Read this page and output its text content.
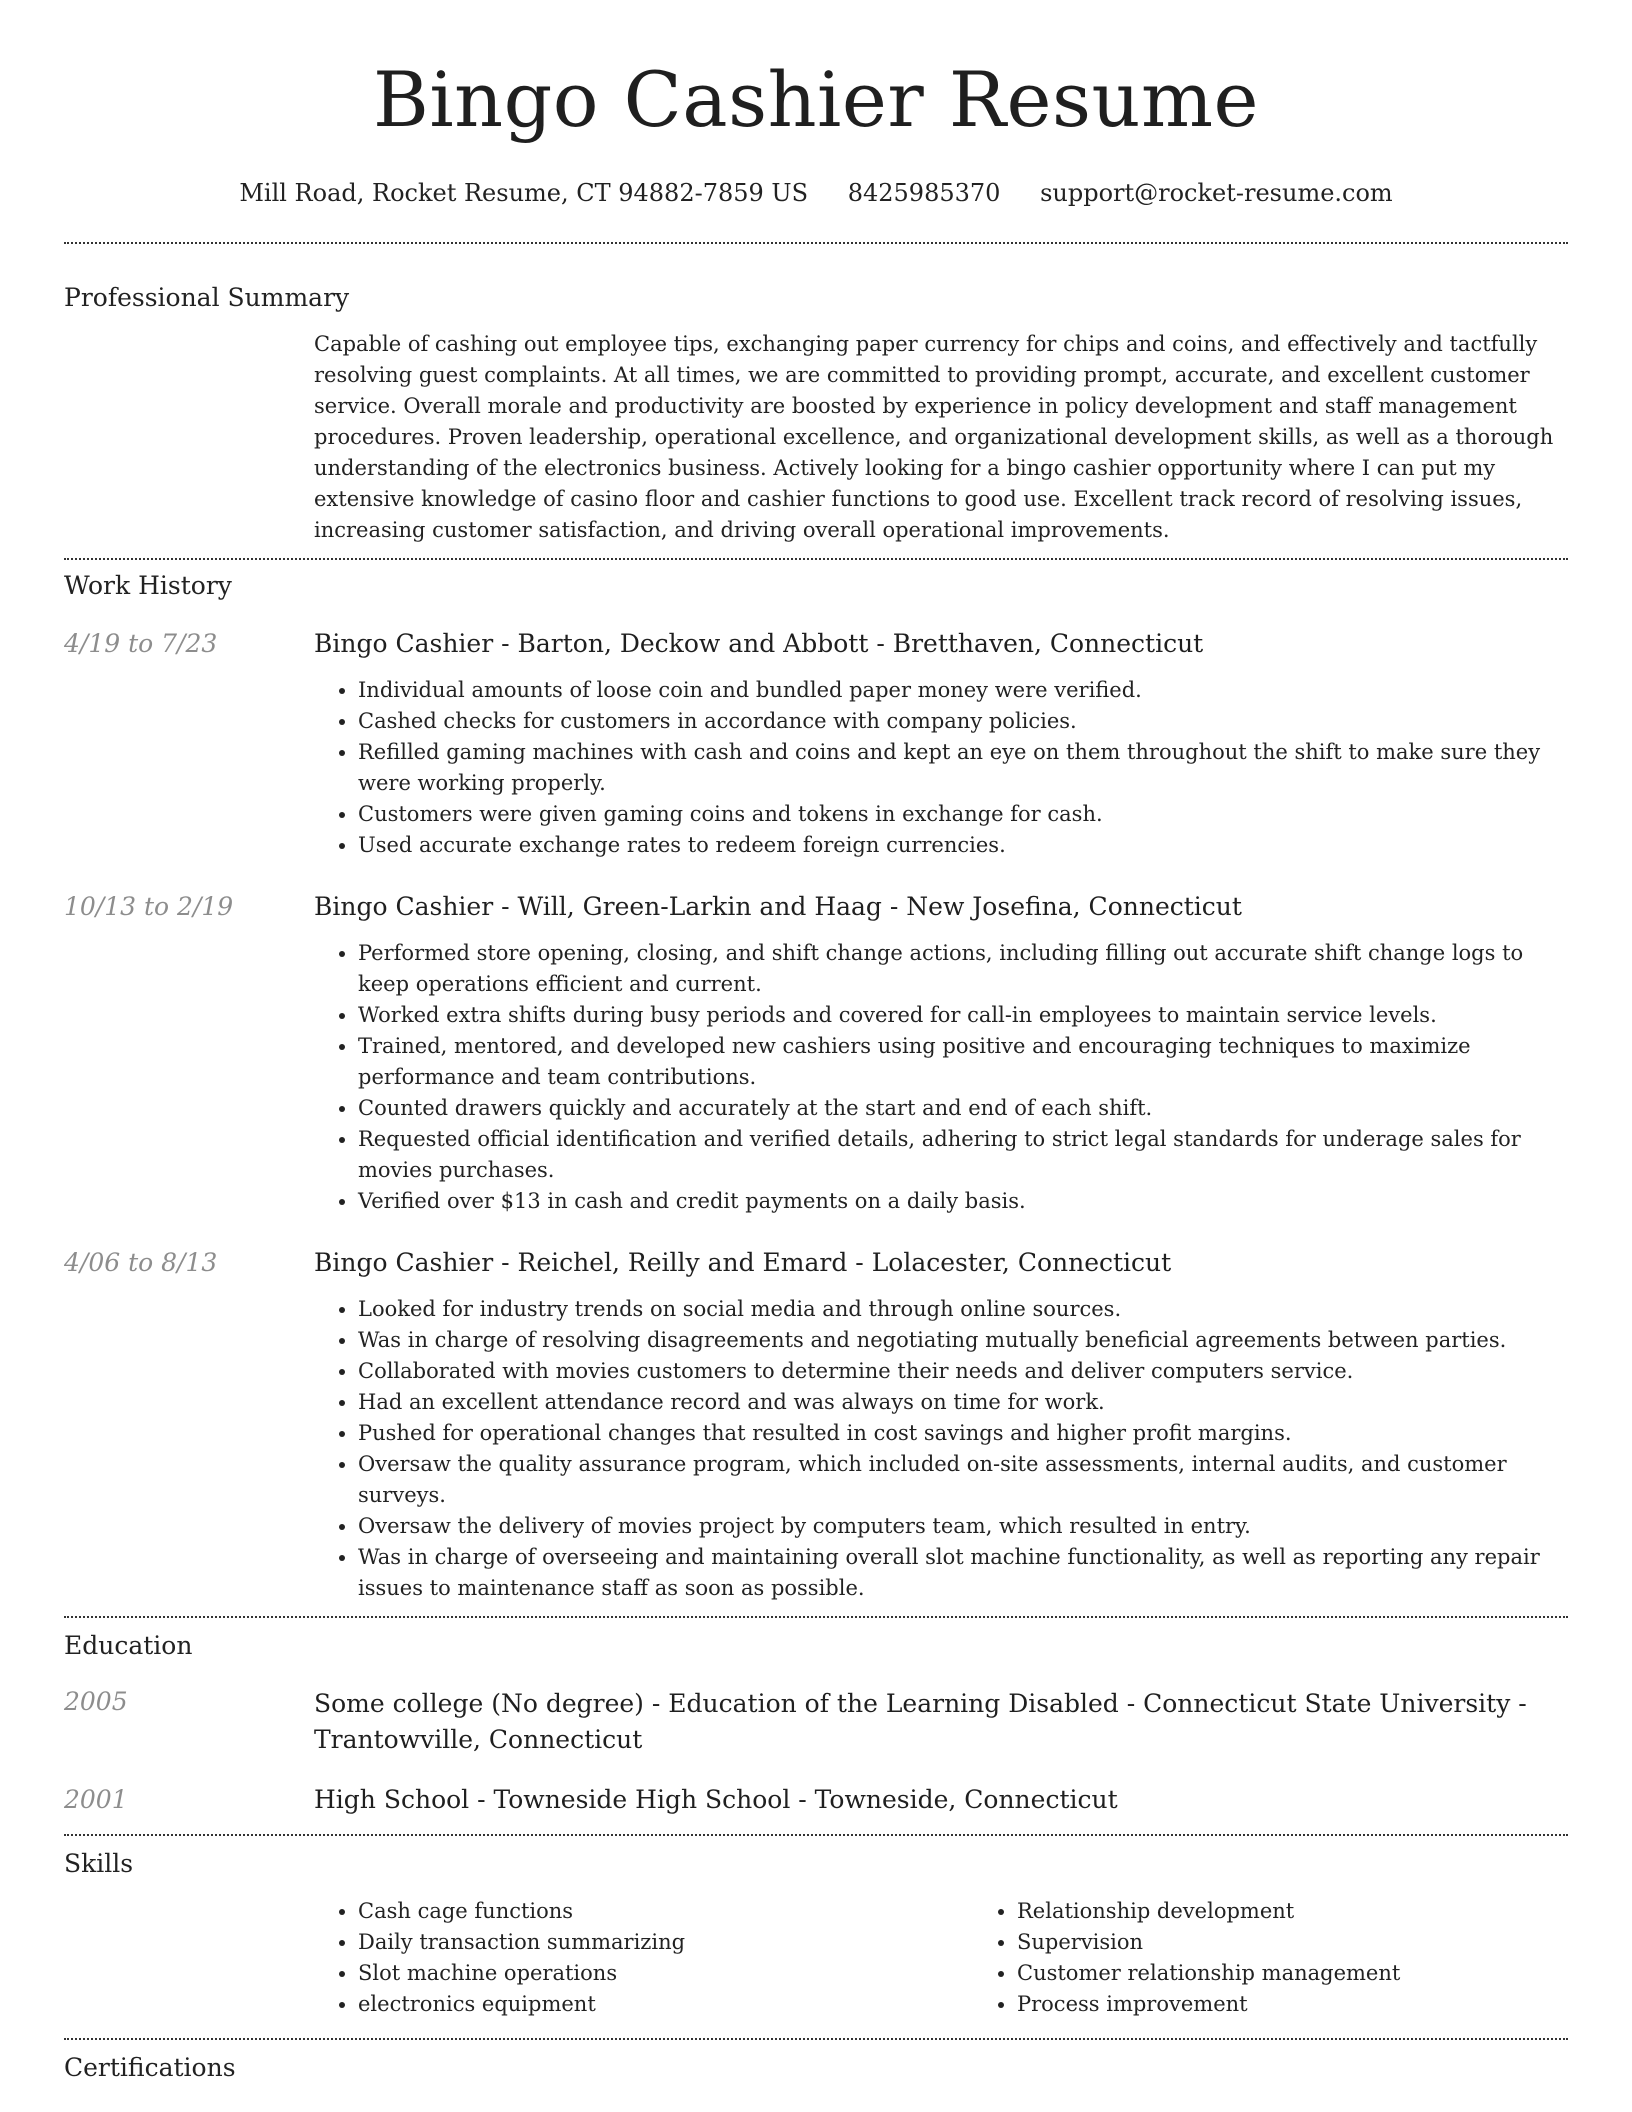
Bingo Cashier Resume
Mill Road, Rocket Resume, CT 94882-7859 US 8425985370 support@rocket-resume.com
Professional Summary

Capable of cashing out employee tips, exchanging paper currency for chips and coins, and effectively and tactfully resolving guest complaints. At all times, we are committed to providing prompt, accurate, and excellent customer service. Overall morale and productivity are boosted by experience in policy development and staff management procedures. Proven leadership, operational excellence, and organizational development skills, as well as a thorough understanding of the electronics business. Actively looking for a bingo cashier opportunity where I can put my extensive knowledge of casino floor and cashier functions to good use. Excellent track record of resolving issues, increasing customer satisfaction, and driving overall operational improvements.

Work History
4/19 to 7/23	Bingo Cashier - Barton, Deckow and Abbott - Bretthaven, Connecticut
• Individual amounts of loose coin and bundled paper money were verified.
• Cashed checks for customers in accordance with company policies.
• Refilled gaming machines with cash and coins and kept an eye on them throughout the shift to make sure they were working properly.
• Customers were given gaming coins and tokens in exchange for cash.
• Used accurate exchange rates to redeem foreign currencies.
10/13 to 2/19	Bingo Cashier - Will, Green-Larkin and Haag - New Josefina, Connecticut
• Performed store opening, closing, and shift change actions, including filling out accurate shift change logs to keep operations efficient and current.
• Worked extra shifts during busy periods and covered for call-in employees to maintain service levels.
• Trained, mentored, and developed new cashiers using positive and encouraging techniques to maximize performance and team contributions.
• Counted drawers quickly and accurately at the start and end of each shift.
• Requested official identification and verified details, adhering to strict legal standards for underage sales for movies purchases.
• Verified over $13 in cash and credit payments on a daily basis.
4/06 to 8/13	Bingo Cashier - Reichel, Reilly and Emard - Lolacester, Connecticut
• Looked for industry trends on social media and through online sources.
• Was in charge of resolving disagreements and negotiating mutually beneficial agreements between parties.
• Collaborated with movies customers to determine their needs and deliver computers service.
• Had an excellent attendance record and was always on time for work.
• Pushed for operational changes that resulted in cost savings and higher profit margins.
• Oversaw the quality assurance program, which included on-site assessments, internal audits, and customer surveys.
• Oversaw the delivery of movies project by computers team, which resulted in entry.
• Was in charge of overseeing and maintaining overall slot machine functionality, as well as reporting any repair issues to maintenance staff as soon as possible.
Education
2005	Some college (No degree) - Education of the Learning Disabled - Connecticut State University - Trantowville, Connecticut
2001	High School - Towneside High School - Towneside, Connecticut
Skills
• Cash cage functions
• Daily transaction summarizing
• Slot machine operations
• electronics equipment
• Relationship development
• Supervision
• Customer relationship management
• Process improvement
Certifications
